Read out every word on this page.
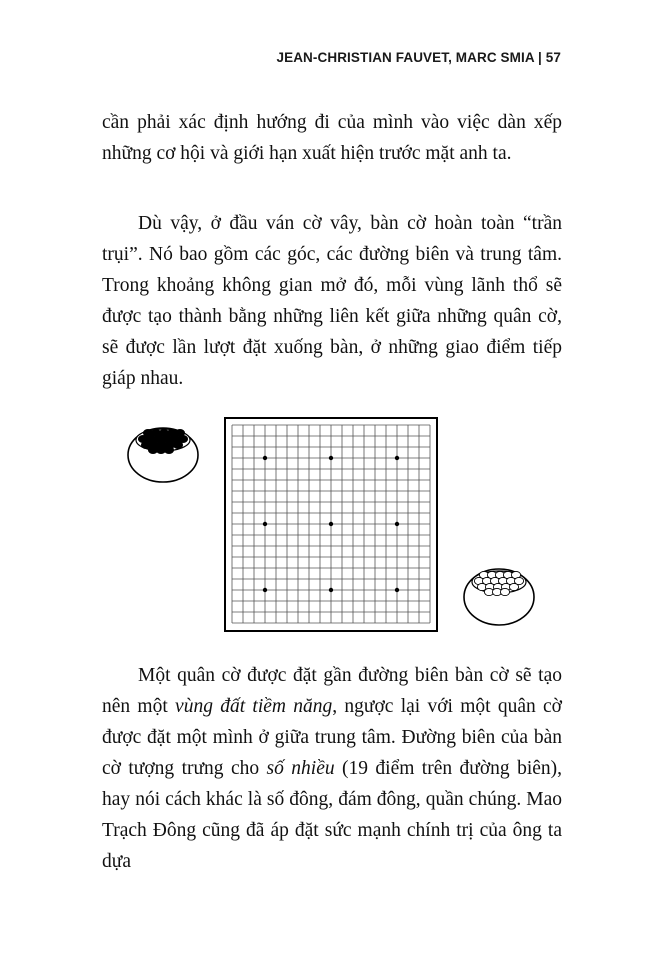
JEAN-CHRISTIAN FAUVET, MARC SMIA | 57

cần phải xác định hướng đi của mình vào việc dàn xếp những cơ hội và giới hạn xuất hiện trước mặt anh ta.

Dù vậy, ở đầu ván cờ vây, bàn cờ hoàn toàn “trần trụi”. Nó bao gồm các góc, các đường biên và trung tâm. Trong khoảng không gian mở đó, mỗi vùng lãnh thổ sẽ được tạo thành bằng những liên kết giữa những quân cờ, sẽ được lần lượt đặt xuống bàn, ở những giao điểm tiếp giáp nhau.

Một quân cờ được đặt gần đường biên bàn cờ sẽ tạo nên một vùng đất tiềm năng, ngược lại với một quân cờ được đặt một mình ở giữa trung tâm. Đường biên của bàn cờ tượng trưng cho số nhiều (19 điểm trên đường biên), hay nói cách khác là số đông, đám đông, quần chúng. Mao Trạch Đông cũng đã áp đặt sức mạnh chính trị của ông ta dựa
